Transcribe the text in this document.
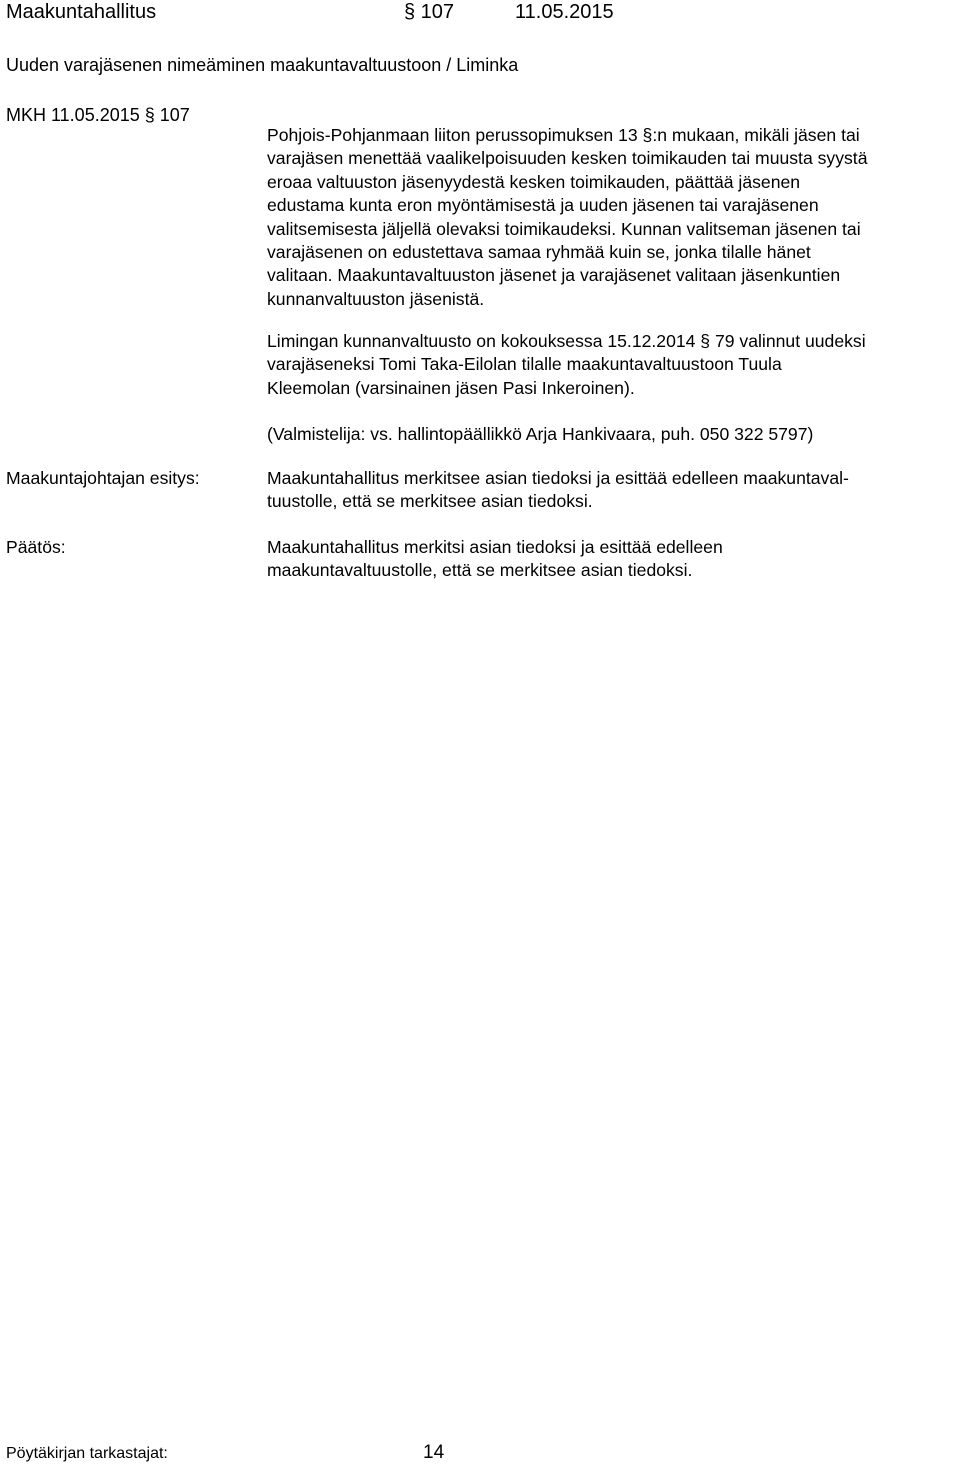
Maakuntahallitus	§ 107	11.05.2015
Uuden varajäsenen nimeäminen maakuntavaltuustoon / Liminka
MKH 11.05.2015 § 107
Pohjois-Pohjanmaan liiton perussopimuksen 13 §:n mukaan, mikäli jäsen tai
varajäsen menettää vaalikelpoisuuden kesken toimikauden tai muusta syystä
eroaa valtuuston jäsenyydestä kesken toimikauden, päättää jäsenen
edustama kunta eron myöntämisestä ja uuden jäsenen tai varajäsenen
valitsemisesta jäljellä olevaksi toimikaudeksi. Kunnan valitseman jäsenen tai
varajäsenen on edustettava samaa ryhmää kuin se, jonka tilalle hänet
valitaan. Maakuntavaltuuston jäsenet ja varajäsenet valitaan jäsenkuntien
kunnanvaltuuston jäsenistä.
Limingan kunnanvaltuusto on kokouksessa 15.12.2014 § 79 valinnut uudeksi
varajäseneksi Tomi Taka-Eilolan tilalle maakuntavaltuustoon Tuula
Kleemolan (varsinainen jäsen Pasi Inkeroinen).
(Valmistelija: vs. hallintopäällikkö Arja Hankivaara, puh. 050 322 5797)
Maakuntajohtajan esitys:	Maakuntahallitus merkitsee asian tiedoksi ja esittää edelleen maakuntaval-
tuustolle, että se merkitsee asian tiedoksi.
Päätös:	Maakuntahallitus merkitsi asian tiedoksi ja esittää edelleen
maakuntavaltuustolle, että se merkitsee asian tiedoksi.
Pöytäkirjan tarkastajat:	14
